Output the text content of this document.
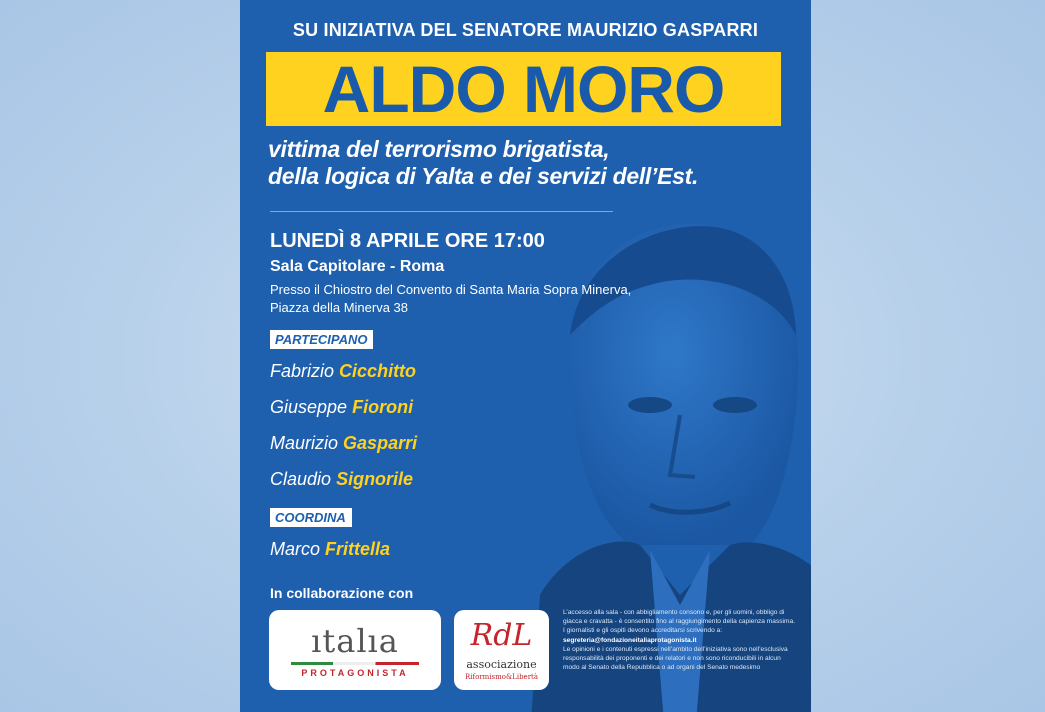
SU INIZIATIVA DEL SENATORE MAURIZIO GASPARRI
ALDO MORO
vittima del terrorismo brigatista,
della logica di Yalta e dei servizi dell’Est.
LUNEDÌ 8 APRILE ORE 17:00
Sala Capitolare - Roma
Presso il Chiostro del Convento di Santa Maria Sopra Minerva,
Piazza della Minerva 38
PARTECIPANO
Fabrizio Cicchitto
Giuseppe Fioroni
Maurizio Gasparri
Claudio Signorile
COORDINA
Marco Frittella
In collaborazione con
ıtalıa
PROTAGONISTA
RdL
associazione
Riformismo&Libertà
L’accesso alla sala - con abbigliamento consono e, per gli uomini, obbligo di giacca e cravatta - è consentito fino al raggiungimento della capienza massima. I giornalisti e gli ospiti devono accreditarsi scrivendo a: segreteria@fondazioneitaliaprotagonista.it
Le opinioni e i contenuti espressi nell’ambito dell’iniziativa sono nell’esclusiva responsabilità dei proponenti e dei relatori e non sono riconducibili in alcun modo al Senato della Repubblica o ad organi del Senato medesimo
